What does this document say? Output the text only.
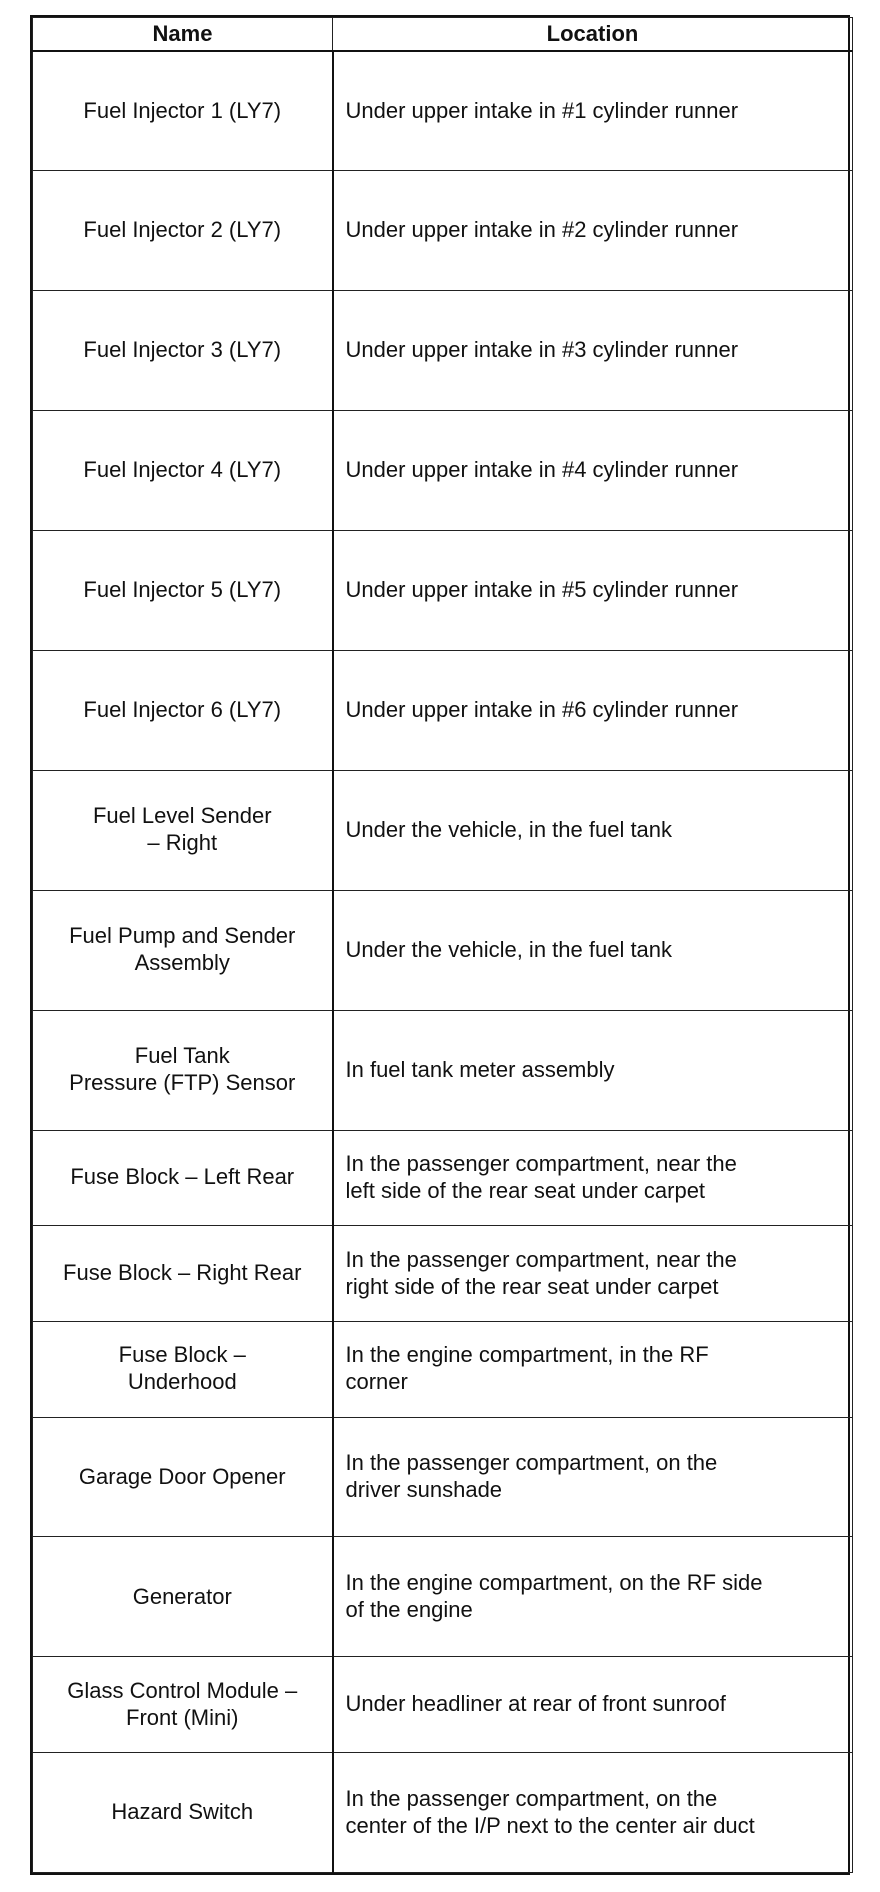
Name	Location
Fuel Injector 1 (LY7)	Under upper intake in #1 cylinder runner
Fuel Injector 2 (LY7)	Under upper intake in #2 cylinder runner
Fuel Injector 3 (LY7)	Under upper intake in #3 cylinder runner
Fuel Injector 4 (LY7)	Under upper intake in #4 cylinder runner
Fuel Injector 5 (LY7)	Under upper intake in #5 cylinder runner
Fuel Injector 6 (LY7)	Under upper intake in #6 cylinder runner
Fuel Level Sender
– Right	Under the vehicle, in the fuel tank
Fuel Pump and Sender
Assembly	Under the vehicle, in the fuel tank
Fuel Tank
Pressure (FTP) Sensor	In fuel tank meter assembly
Fuse Block – Left Rear	In the passenger compartment, near the
left side of the rear seat under carpet
Fuse Block – Right Rear	In the passenger compartment, near the
right side of the rear seat under carpet
Fuse Block –
Underhood	In the engine compartment, in the RF
corner
Garage Door Opener	In the passenger compartment, on the
driver sunshade
Generator	In the engine compartment, on the RF side
of the engine
Glass Control Module –
Front (Mini)	Under headliner at rear of front sunroof
Hazard Switch	In the passenger compartment, on the
center of the I/P next to the center air duct
